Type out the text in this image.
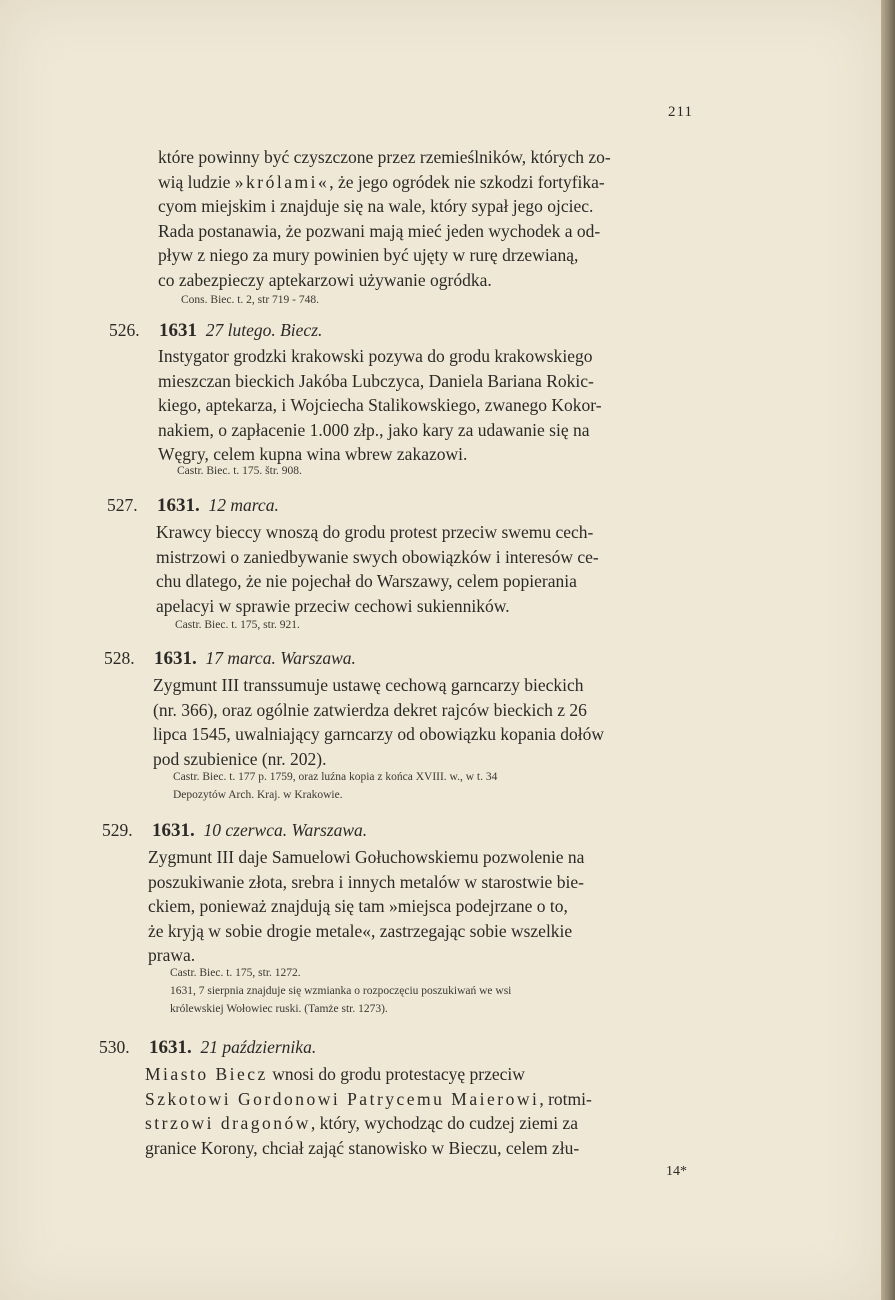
211
które powinny być czyszczone przez rzemieślników, których zo-
wią ludzie »królami«, że jego ogródek nie szkodzi fortyfika-
cyom miejskim i znajduje się na wale, który sypał jego ojciec.
Rada postanawia, że pozwani mają mieć jeden wychodek a od-
pływ z niego za mury powinien być ujęty w rurę drzewianą,
co zabezpieczy aptekarzowi używanie ogródka.
Cons. Biec. t. 2, str 719 - 748.
526. 1631 27 lutego. Biecz.
Instygator grodzki krakowski pozywa do grodu krakowskiego
mieszczan bieckich Jakóba Lubczyca, Daniela Bariana Rokic-
kiego, aptekarza, i Wojciecha Stalikowskiego, zwanego Kokor-
nakiem, o zapłacenie 1.000 złp., jako kary za udawanie się na
Węgry, celem kupna wina wbrew zakazowi.
Castr. Biec. t. 175. štr. 908.
527. 1631. 12 marca.
Krawcy bieccy wnoszą do grodu protest przeciw swemu cech-
mistrzowi o zaniedbywanie swych obowiązków i interesów ce-
chu dlatego, że nie pojechał do Warszawy, celem popierania
apelacyi w sprawie przeciw cechowi sukienników.
Castr. Biec. t. 175, str. 921.
528. 1631. 17 marca. Warszawa.
Zygmunt III transsumuje ustawę cechową garncarzy bieckich
(nr. 366), oraz ogólnie zatwierdza dekret rajców bieckich z 26
lipca 1545, uwalniający garncarzy od obowiązku kopania dołów
pod szubienice (nr. 202).
Castr. Biec. t. 177 p. 1759, oraz luźna kopia z końca XVIII. w., w t. 34
Depozytów Arch. Kraj. w Krakowie.
529. 1631. 10 czerwca. Warszawa.
Zygmunt III daje Samuelowi Gołuchowskiemu pozwolenie na
poszukiwanie złota, srebra i innych metalów w starostwie bie-
ckiem, ponieważ znajdują się tam »miejsca podejrzane o to,
że kryją w sobie drogie metale«, zastrzegając sobie wszelkie
prawa.
Castr. Biec. t. 175, str. 1272.
1631, 7 sierpnia znajduje się wzmianka o rozpoczęciu poszukiwań we wsi
królewskiej Wołowiec ruski. (Tamże str. 1273).
530. 1631. 21 października.
Miasto Biecz wnosi do grodu protestacyę przeciw
Szkotowi Gordonowi Patrycemu Maierowi, rotmi-
strzowi dragonów, który, wychodząc do cudzej ziemi za
granice Korony, chciał zająć stanowisko w Bieczu, celem złu-
14*
